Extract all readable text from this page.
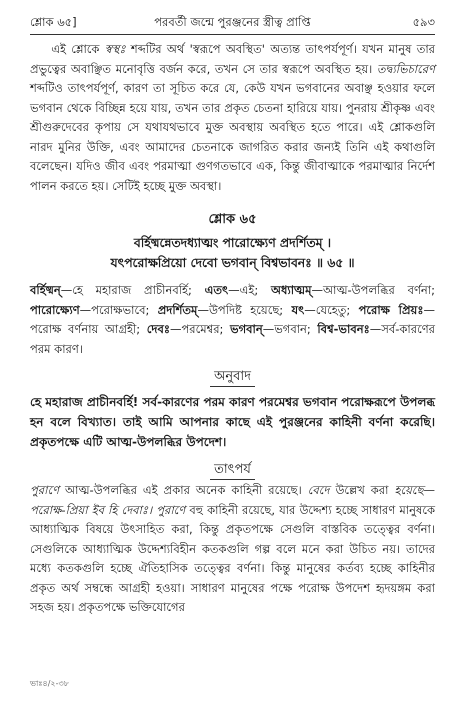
শ্লোক ৬৫]	পরবর্তী জন্মে পুরঞ্জনের স্ত্রীত্ব প্রাপ্তি	৫৯৩

এই শ্লোকে স্বস্থঃ শব্দটির অর্থ 'স্বরূপে অবস্থিত' অত্যন্ত তাৎপর্যপূর্ণ। যখন মানুষ তার প্রভুত্বের অবাঞ্ছিত মনোবৃত্তি বর্জন করে, তখন সে তার স্বরূপে অবস্থিত হয়। তদ্ব্যভিচারেণ শব্দটিও তাৎপর্যপূর্ণ, কারণ তা সূচিত করে যে, কেউ যখন ভগবানের অবাঞ্ছ হওয়ার ফলে ভগবান থেকে বিচ্ছিন্ন হয়ে যায়, তখন তার প্রকৃত চেতনা হারিয়ে যায়। পুনরায় শ্রীকৃষ্ণ এবং শ্রীগুরুদেবের কৃপায় সে যথাযথভাবে মুক্ত অবস্থায় অবস্থিত হতে পারে। এই শ্লোকগুলি নারদ মুনির উক্তি, এবং আমাদের চেতনাকে জাগরিত করার জন্যই তিনি এই কথাগুলি বলেছেন। যদিও জীব এবং পরমাত্মা গুণগতভাবে এক, কিন্তু জীবাত্মাকে পরমাত্মার নির্দেশ পালন করতে হয়। সেটিই হচ্ছে মুক্ত অবস্থা।

শ্লোক ৬৫

বর্হিষ্মন্নেতদধ্যাত্মং পারোক্ষ্যেণ প্রদর্শিতম্ ।
যৎপরোক্ষপ্রিয়ো দেবো ভগবান্ বিশ্বভাবনঃ ॥ ৬৫ ॥

বর্হিষ্মন্—হে মহারাজ প্রাচীনবর্হি; এতৎ—এই; অধ্যাত্মম্—আত্ম-উপলব্ধির বর্ণনা; পারোক্ষ্যেণ—পরোক্ষভাবে; প্রদর্শিতম্—উপদিষ্ট হয়েছে; যৎ—যেহেতু; পরোক্ষ প্রিয়ঃ—পরোক্ষ বর্ণনায় আগ্রহী; দেবঃ—পরমেশ্বর; ভগবান্—ভগবান; বিশ্ব-ভাবনঃ—সর্ব-কারণের পরম কারণ।

অনুবাদ

হে মহারাজ প্রাচীনবর্হি! সর্ব-কারণের পরম কারণ পরমেশ্বর ভগবান পরোক্ষরূপে উপলব্ধ হন বলে বিখ্যাত। তাই আমি আপনার কাছে এই পুরঞ্জনের কাহিনী বর্ণনা করেছি। প্রকৃতপক্ষে এটি আত্ম-উপলব্ধির উপদেশ।

তাৎপর্য

পুরাণে আত্ম-উপলব্ধির এই প্রকার অনেক কাহিনী রয়েছে। বেদে উল্লেখ করা হয়েছে—পরোক্ষ-প্রিয়া ইব হি দেবাঃ। পুরাণে বহু কাহিনী রয়েছে, যার উদ্দেশ্য হচ্ছে সাধারণ মানুষকে আধ্যাত্মিক বিষয়ে উৎসাহিত করা, কিন্তু প্রকৃতপক্ষে সেগুলি বাস্তবিক তত্ত্বের বর্ণনা। সেগুলিকে আধ্যাত্মিক উদ্দেশ্যবিহীন কতকগুলি গল্প বলে মনে করা উচিত নয়। তাদের মধ্যে কতকগুলি হচ্ছে ঐতিহাসিক তত্ত্বের বর্ণনা। কিন্তু মানুষের কর্তব্য হচ্ছে কাহিনীর প্রকৃত অর্থ সম্বন্ধে আগ্রহী হওয়া। সাধারণ মানুষের পক্ষে পরোক্ষ উপদেশ হৃদয়ঙ্গম করা সহজ হয়। প্রকৃতপক্ষে ভক্তিযোগের

ভাঃ৪/২-৩৮
